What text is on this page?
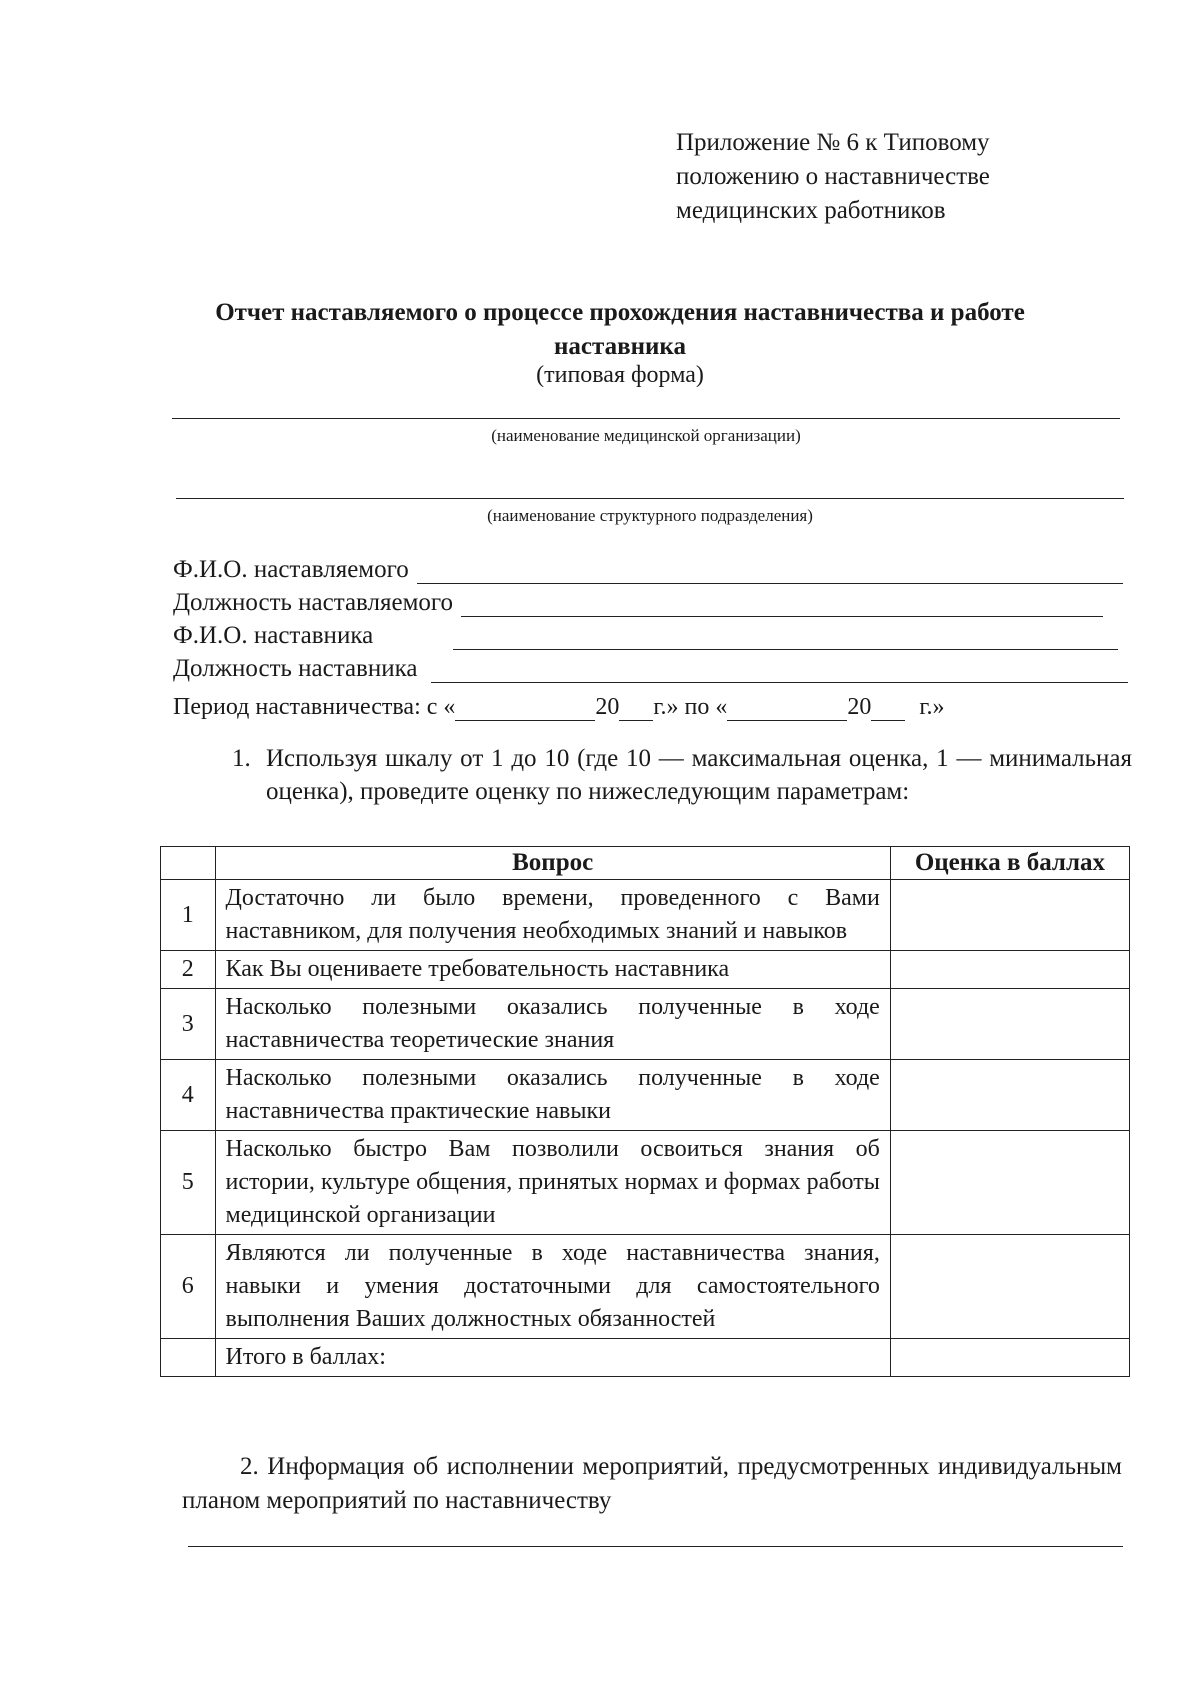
Приложение № 6 к Типовому
положению о наставничестве
медицинских работников
Отчет наставляемого о процессе прохождения наставничества и работе
наставника
(типовая форма)
(наименование медицинской организации)
(наименование структурного подразделения)
Ф.И.О. наставляемого
Должность наставляемого
Ф.И.О. наставника
Должность наставника
Период наставничества: с «	20 г.» по «	20 г.»
1. Используя шкалу от 1 до 10 (где 10 — максимальная оценка, 1 — минимальная оценка), проведите оценку по нижеследующим параметрам:
	Вопрос	Оценка в баллах
1	Достаточно ли было времени, проведенного с Вами наставником, для получения необходимых знаний и навыков	
2	Как Вы оцениваете требовательность наставника	
3	Насколько полезными оказались полученные в ходе наставничества теоретические знания	
4	Насколько полезными оказались полученные в ходе наставничества практические навыки	
5	Насколько быстро Вам позволили освоиться знания об истории, культуре общения, принятых нормах и формах работы медицинской организации	
6	Являются ли полученные в ходе наставничества знания, навыки и умения достаточными для самостоятельного выполнения Ваших должностных обязанностей	
	Итого в баллах:	
2. Информация об исполнении мероприятий, предусмотренных индивидуальным планом мероприятий по наставничеству
